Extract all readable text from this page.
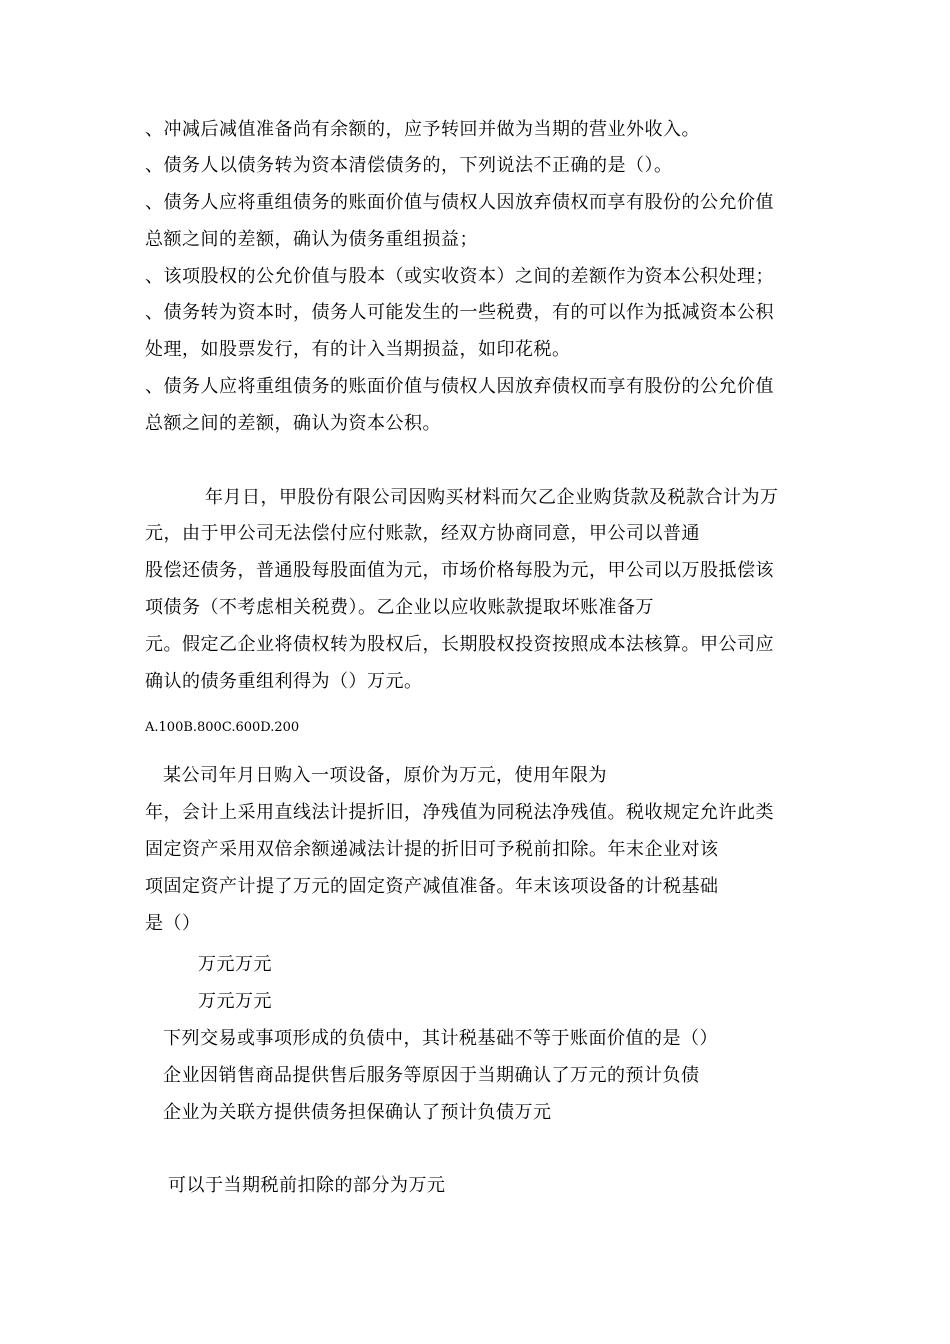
、冲减后减值准备尚有余额的，应予转回并做为当期的营业外收入。
、债务人以债务转为资本清偿债务的，下列说法不正确的是（）。
、债务人应将重组债务的账面价值与债权人因放弃债权而享有股份的公允价值
总额之间的差额，确认为债务重组损益；
、该项股权的公允价值与股本（或实收资本）之间的差额作为资本公积处理；
、债务转为资本时，债务人可能发生的一些税费，有的可以作为抵减资本公积
处理，如股票发行，有的计入当期损益，如印花税。
、债务人应将重组债务的账面价值与债权人因放弃债权而享有股份的公允价值
总额之间的差额，确认为资本公积。
年月日，甲股份有限公司因购买材料而欠乙企业购货款及税款合计为万
元，由于甲公司无法偿付应付账款，经双方协商同意，甲公司以普通
股偿还债务，普通股每股面值为元，市场价格每股为元，甲公司以万股抵偿该
项债务（不考虑相关税费）。乙企业以应收账款提取坏账准备万
元。假定乙企业将债权转为股权后，长期股权投资按照成本法核算。甲公司应
确认的债务重组利得为（）万元。
A.100B.800C.600D.200
某公司年月日购入一项设备，原价为万元，使用年限为
年，会计上采用直线法计提折旧，净残值为同税法净残值。税收规定允许此类
固定资产采用双倍余额递减法计提的折旧可予税前扣除。年末企业对该
项固定资产计提了万元的固定资产减值准备。年末该项设备的计税基础
是（）
万元万元
万元万元
下列交易或事项形成的负债中，其计税基础不等于账面价值的是（）
企业因销售商品提供售后服务等原因于当期确认了万元的预计负债
企业为关联方提供债务担保确认了预计负债万元
可以于当期税前扣除的部分为万元
